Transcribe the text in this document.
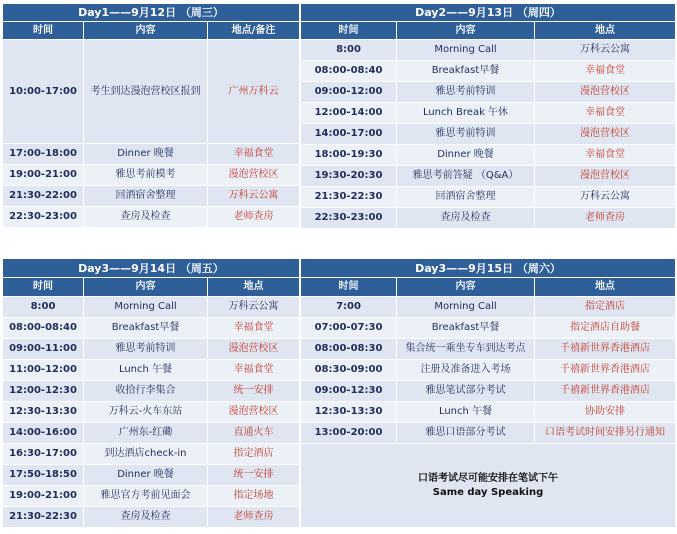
Day1——9月12日 （周三）		
时间	内容	地点/备注
10:00-17:00	考生到达漫泡营校区报到	广州万科云
17:00-18:00	Dinner 晚餐	幸福食堂
19:00-21:00	雅思考前模考	漫泡营校区
21:30-22:00	回酒宿舍整理	万科云公寓
22:30-23:00	查房及检查	老师查房
Day2——9月13日 （周四）		
时间	内容	地点
8:00	Morning Call	万科云公寓
08:00-08:40	Breakfast早餐	幸福食堂
09:00-12:00	雅思考前特训	漫泡营校区
12:00-14:00	Lunch Break 午休	幸福食堂
14:00-17:00	雅思考前特训	漫泡营校区
18:00-19:30	Dinner 晚餐	幸福食堂
19:30-20:30	雅思考前答疑 （Q&A）	漫泡营校区
21:30-22:30	回酒宿舍整理	万科云公寓
22:30-23:00	查房及检查	老师查房
Day3——9月14日 （周五）		
时间	内容	地点
8:00	Morning Call	万科云公寓
08:00-08:40	Breakfast早餐	幸福食堂
09:00-11:00	雅思考前特训	漫泡营校区
11:00-12:00	Lunch 午餐	幸福食堂
12:00-12:30	收拾行李集合	统一安排
12:30-13:30	万科云-火车东站	漫泡营校区
14:00-16:00	广州东-红磡	直通火车
16:30-17:00	到达酒店check-in	指定酒店
17:50-18:50	Dinner 晚餐	统一安排
19:00-21:00	雅思官方考前见面会	指定场地
21:30-22:30	查房及检查	老师查房
Day3——9月15日 （周六）		
时间	内容	地点
7:00	Morning Call	指定酒店
07:00-07:30	Breakfast早餐	指定酒店自助餐
08:00-08:30	集合统一乘坐专车到达考点	千禧新世界香港酒店
08:30-09:00	注册及准备进入考场	千禧新世界香港酒店
09:00-12:30	雅思笔试部分考试	千禧新世界香港酒店
12:30-13:30	Lunch 午餐	协助安排
13:00-20:00	雅思口语部分考试	口语考试时间安排另行通知

口语考试尽可能安排在笔试下午
Same day Speaking		
